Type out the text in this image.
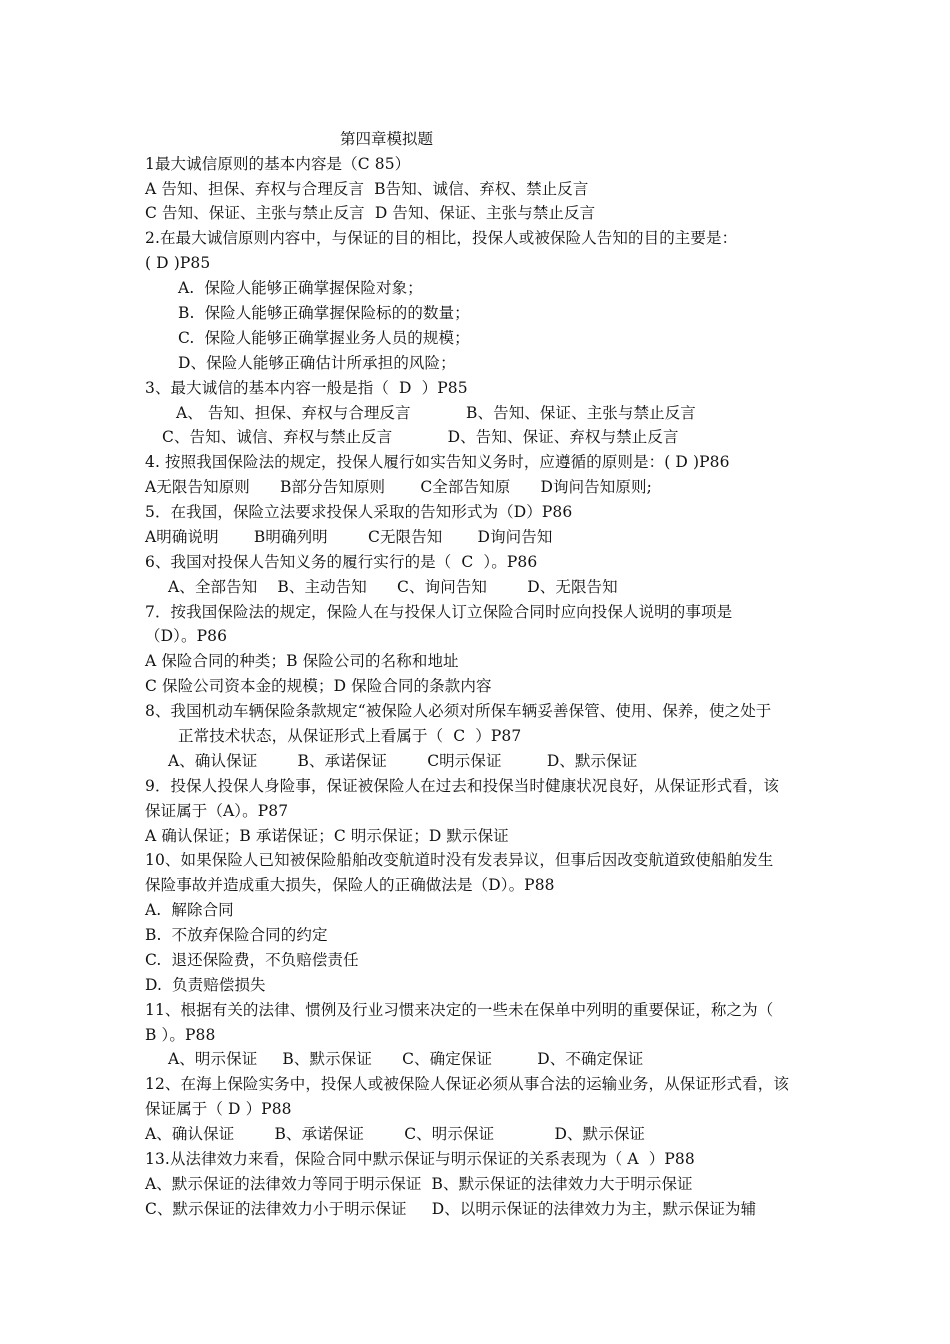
第四章模拟题
1最大诚信原则的基本内容是（C 85）
A 告知、担保、弃权与合理反言  B告知、诚信、弃权、禁止反言
C 告知、保证、主张与禁止反言  D 告知、保证、主张与禁止反言
2.在最大诚信原则内容中，与保证的目的相比，投保人或被保险人告知的目的主要是：
( D )P85
A.  保险人能够正确掌握保险对象；
B.  保险人能够正确掌握保险标的的数量；
C.  保险人能够正确掌握业务人员的规模；
D、保险人能够正确估计所承担的风险；
3、最大诚信的基本内容一般是指（  D  ）P85
A、 告知、担保、弃权与合理反言           B、告知、保证、主张与禁止反言
C、告知、诚信、弃权与禁止反言           D、告知、保证、弃权与禁止反言
4. 按照我国保险法的规定，投保人履行如实告知义务时，应遵循的原则是：( D )P86
A无限告知原则      B部分告知原则       C全部告知原      D询问告知原则;
5．在我国，保险立法要求投保人采取的告知形式为（D）P86
A明确说明       B明确列明        C无限告知       D询问告知
6、我国对投保人告知义务的履行实行的是（  C  ）。P86
A、全部告知    B、主动告知      C、询问告知        D、无限告知
7．按我国保险法的规定，保险人在与投保人订立保险合同时应向投保人说明的事项是
（D）。P86
A 保险合同的种类；B 保险公司的名称和地址
C 保险公司资本金的规模；D 保险合同的条款内容
8、我国机动车辆保险条款规定“被保险人必须对所保车辆妥善保管、使用、保养，使之处于
正常技术状态，从保证形式上看属于（  C  ）P87
A、确认保证        B、承诺保证        C明示保证         D、默示保证
9．投保人投保人身险事，保证被保险人在过去和投保当时健康状况良好，从保证形式看，该
保证属于（A）。P87
A 确认保证；B 承诺保证；C 明示保证；D 默示保证
10、如果保险人已知被保险船舶改变航道时没有发表异议，但事后因改变航道致使船舶发生
保险事故并造成重大损失，保险人的正确做法是（D）。P88
A.  解除合同
B.  不放弃保险合同的约定
C.  退还保险费，不负赔偿责任
D.  负责赔偿损失
11、根据有关的法律、惯例及行业习惯来决定的一些未在保单中列明的重要保证，称之为（
B ）。P88
A、明示保证     B、默示保证      C、确定保证         D、不确定保证
12、在海上保险实务中，投保人或被保险人保证必须从事合法的运输业务，从保证形式看，该
保证属于（ D ）P88
A、确认保证        B、承诺保证        C、明示保证            D、默示保证
13.从法律效力来看，保险合同中默示保证与明示保证的关系表现为（ A  ）P88
A、默示保证的法律效力等同于明示保证  B、默示保证的法律效力大于明示保证
C、默示保证的法律效力小于明示保证     D、以明示保证的法律效力为主，默示保证为辅
